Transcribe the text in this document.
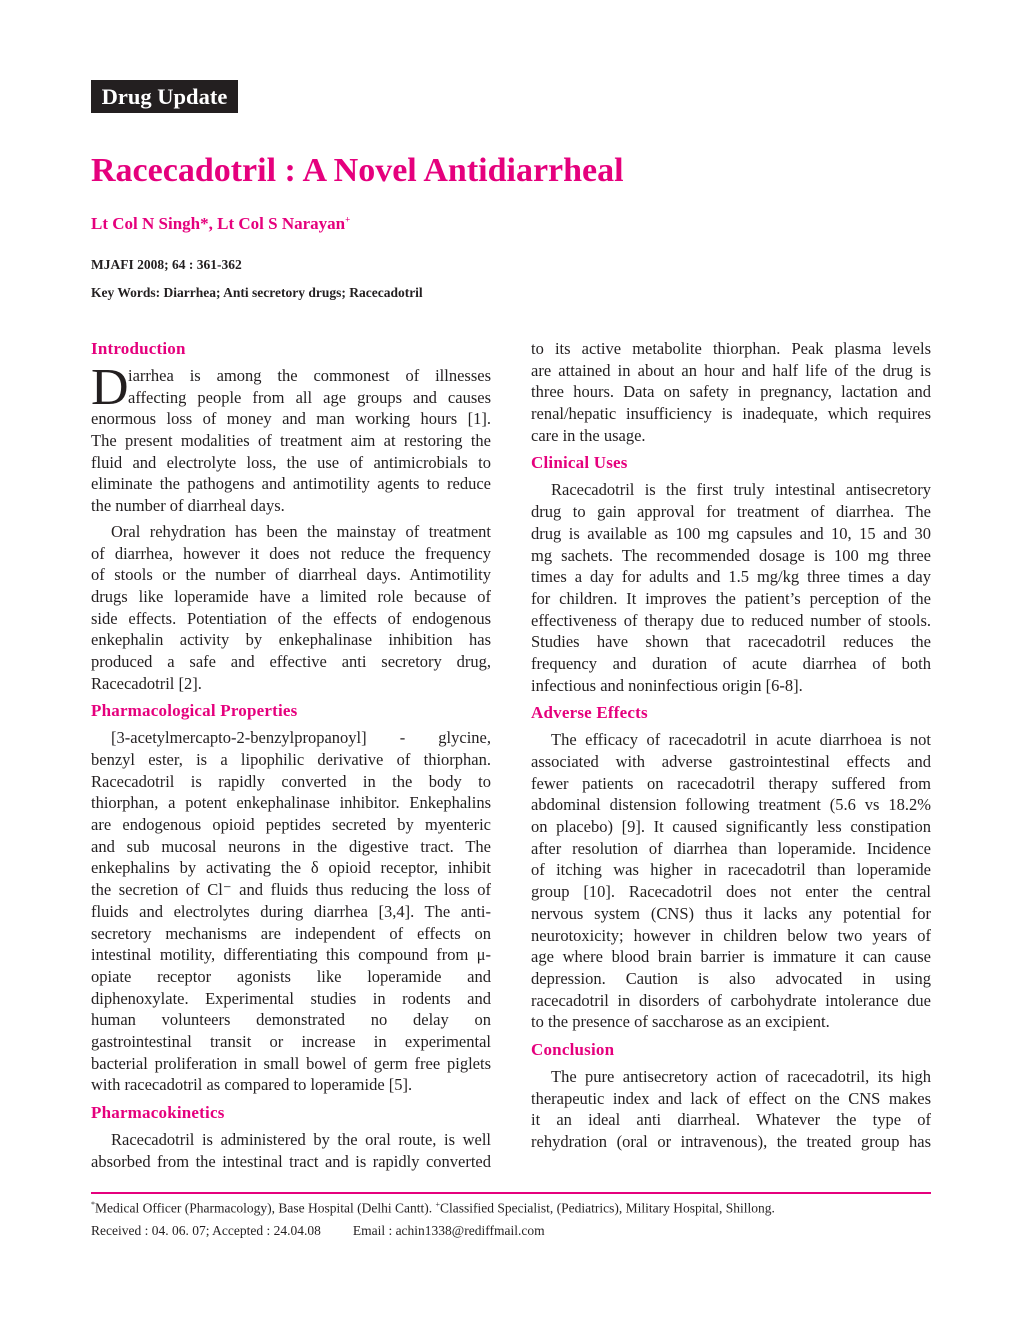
Drug Update
Racecadotril : A Novel Antidiarrheal
Lt Col N Singh*, Lt Col S Narayan+
MJAFI 2008; 64 : 361-362
Key Words: Diarrhea; Anti secretory drugs; Racecadotril
Introduction
D iarrhea is among the commonest of illnesses
affecting people from all age groups and causes
enormous loss of money and man working hours [1].
The present modalities of treatment aim at restoring the
fluid and electrolyte loss, the use of antimicrobials to
eliminate the pathogens and antimotility agents to reduce
the number of diarrheal days.
Oral rehydration has been the mainstay of treatment
of diarrhea, however it does not reduce the frequency
of stools or the number of diarrheal days. Antimotility
drugs like loperamide have a limited role because of
side effects. Potentiation of the effects of endogenous
enkephalin activity by enkephalinase inhibition has
produced a safe and effective anti secretory drug,
Racecadotril [2].
Pharmacological Properties
[3-acetylmercapto-2-benzylpropanoyl] - glycine,
benzyl ester, is a lipophilic derivative of thiorphan.
Racecadotril is rapidly converted in the body to
thiorphan, a potent enkephalinase inhibitor. Enkephalins
are endogenous opioid peptides secreted by myenteric
and sub mucosal neurons in the digestive tract. The
enkephalins by activating the δ opioid receptor, inhibit
the secretion of Cl⁻ and fluids thus reducing the loss of
fluids and electrolytes during diarrhea [3,4]. The anti-
secretory mechanisms are independent of effects on
intestinal motility, differentiating this compound from μ-
opiate receptor agonists like loperamide and
diphenoxylate. Experimental studies in rodents and
human volunteers demonstrated no delay on
gastrointestinal transit or increase in experimental
bacterial proliferation in small bowel of germ free piglets
with racecadotril as compared to loperamide [5].
Pharmacokinetics
Racecadotril is administered by the oral route, is well
absorbed from the intestinal tract and is rapidly converted
to its active metabolite thiorphan. Peak plasma levels
are attained in about an hour and half life of the drug is
three hours. Data on safety in pregnancy, lactation and
renal/hepatic insufficiency is inadequate, which requires
care in the usage.
Clinical Uses
Racecadotril is the first truly intestinal antisecretory
drug to gain approval for treatment of diarrhea. The
drug is available as 100 mg capsules and 10, 15 and 30
mg sachets. The recommended dosage is 100 mg three
times a day for adults and 1.5 mg/kg three times a day
for children. It improves the patient’s perception of the
effectiveness of therapy due to reduced number of stools.
Studies have shown that racecadotril reduces the
frequency and duration of acute diarrhea of both
infectious and noninfectious origin [6-8].
Adverse Effects
The efficacy of racecadotril in acute diarrhoea is not
associated with adverse gastrointestinal effects and
fewer patients on racecadotril therapy suffered from
abdominal distension following treatment (5.6 vs 18.2%
on placebo) [9]. It caused significantly less constipation
after resolution of diarrhea than loperamide. Incidence
of itching was higher in racecadotril than loperamide
group [10]. Racecadotril does not enter the central
nervous system (CNS) thus it lacks any potential for
neurotoxicity; however in children below two years of
age where blood brain barrier is immature it can cause
depression. Caution is also advocated in using
racecadotril in disorders of carbohydrate intolerance due
to the presence of saccharose as an excipient.
Conclusion
The pure antisecretory action of racecadotril, its high
therapeutic index and lack of effect on the CNS makes
it an ideal anti diarrheal. Whatever the type of
rehydration (oral or intravenous), the treated group has
*Medical Officer (Pharmacology), Base Hospital (Delhi Cantt). +Classified Specialist, (Pediatrics), Military Hospital, Shillong.
Received : 04. 06. 07; Accepted : 24.04.08 Email : achin1338@rediffmail.com
